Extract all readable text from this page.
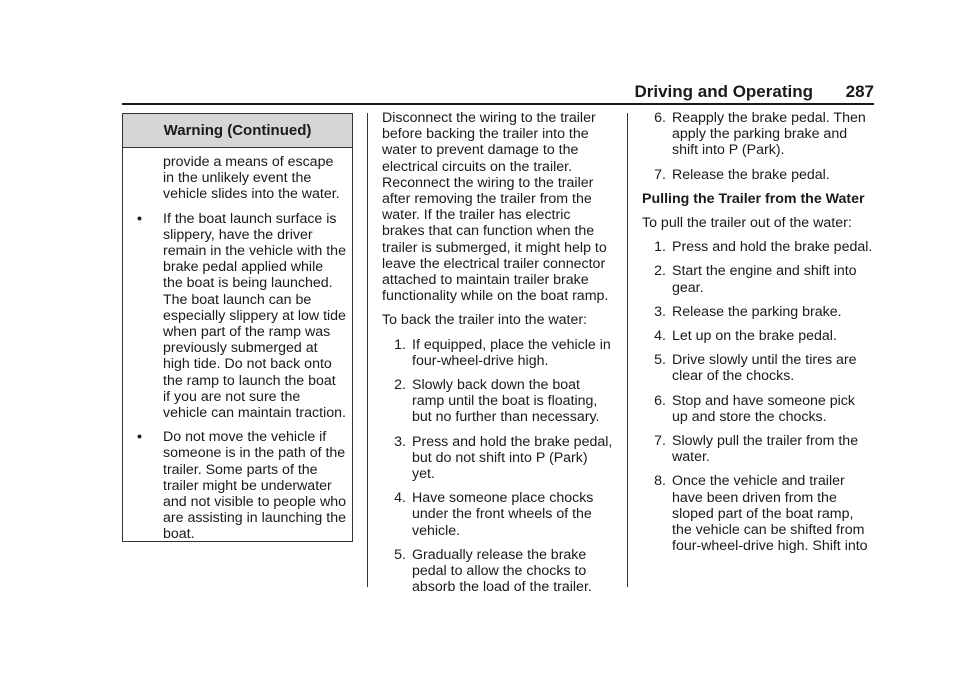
Driving and Operating 287
Warning (Continued)
provide a means of escape in the unlikely event the vehicle slides into the water.
•	If the boat launch surface is slippery, have the driver remain in the vehicle with the brake pedal applied while the boat is being launched. The boat launch can be especially slippery at low tide when part of the ramp was previously submerged at high tide. Do not back onto the ramp to launch the boat if you are not sure the vehicle can maintain traction.
•	Do not move the vehicle if someone is in the path of the trailer. Some parts of the trailer might be underwater and not visible to people who are assisting in launching the boat.

Disconnect the wiring to the trailer before backing the trailer into the water to prevent damage to the electrical circuits on the trailer. Reconnect the wiring to the trailer after removing the trailer from the water. If the trailer has electric brakes that can function when the trailer is submerged, it might help to leave the electrical trailer connector attached to maintain trailer brake functionality while on the boat ramp.

To back the trailer into the water:

1. If equipped, place the vehicle in four-wheel-drive high.
2. Slowly back down the boat ramp until the boat is floating, but no further than necessary.
3. Press and hold the brake pedal, but do not shift into P (Park) yet.
4. Have someone place chocks under the front wheels of the vehicle.
5. Gradually release the brake pedal to allow the chocks to absorb the load of the trailer.
6. Reapply the brake pedal. Then apply the parking brake and shift into P (Park).
7. Release the brake pedal.

Pulling the Trailer from the Water

To pull the trailer out of the water:

1. Press and hold the brake pedal.
2. Start the engine and shift into gear.
3. Release the parking brake.
4. Let up on the brake pedal.
5. Drive slowly until the tires are clear of the chocks.
6. Stop and have someone pick up and store the chocks.
7. Slowly pull the trailer from the water.
8. Once the vehicle and trailer have been driven from the sloped part of the boat ramp, the vehicle can be shifted from four-wheel-drive high. Shift into
